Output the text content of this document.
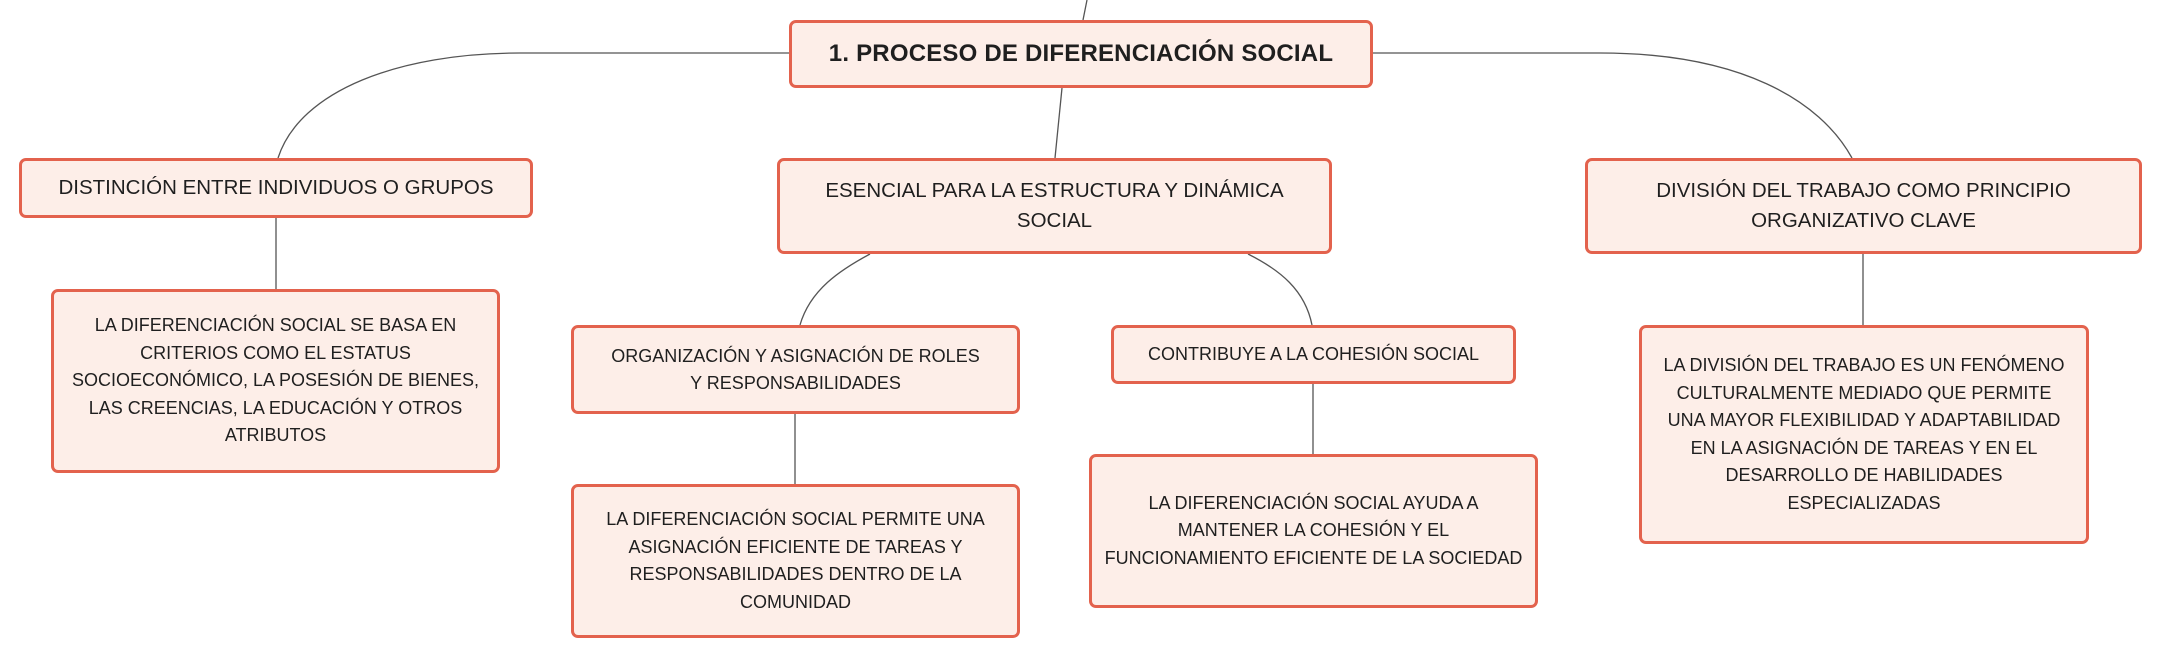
1. PROCESO DE DIFERENCIACIÓN SOCIAL
DISTINCIÓN ENTRE INDIVIDUOS O GRUPOS	ESENCIAL PARA LA ESTRUCTURA Y DINÁMICA SOCIAL
DIVISIÓN DEL TRABAJO COMO PRINCIPIO ORGANIZATIVO CLAVE
LA DIFERENCIACIÓN SOCIAL SE BASA EN CRITERIOS COMO EL ESTATUS SOCIOECONÓMICO, LA POSESIÓN DE BIENES, LAS CREENCIAS, LA EDUCACIÓN Y OTROS ATRIBUTOS
ORGANIZACIÓN Y ASIGNACIÓN DE ROLES Y RESPONSABILIDADES
CONTRIBUYE A LA COHESIÓN SOCIAL
LA DIFERENCIACIÓN SOCIAL PERMITE UNA ASIGNACIÓN EFICIENTE DE TAREAS Y RESPONSABILIDADES DENTRO DE LA COMUNIDAD
LA DIFERENCIACIÓN SOCIAL AYUDA A MANTENER LA COHESIÓN Y EL FUNCIONAMIENTO EFICIENTE DE LA SOCIEDAD
LA DIVISIÓN DEL TRABAJO ES UN FENÓMENO CULTURALMENTE MEDIADO QUE PERMITE UNA MAYOR FLEXIBILIDAD Y ADAPTABILIDAD EN LA ASIGNACIÓN DE TAREAS Y EN EL DESARROLLO DE HABILIDADES ESPECIALIZADAS
